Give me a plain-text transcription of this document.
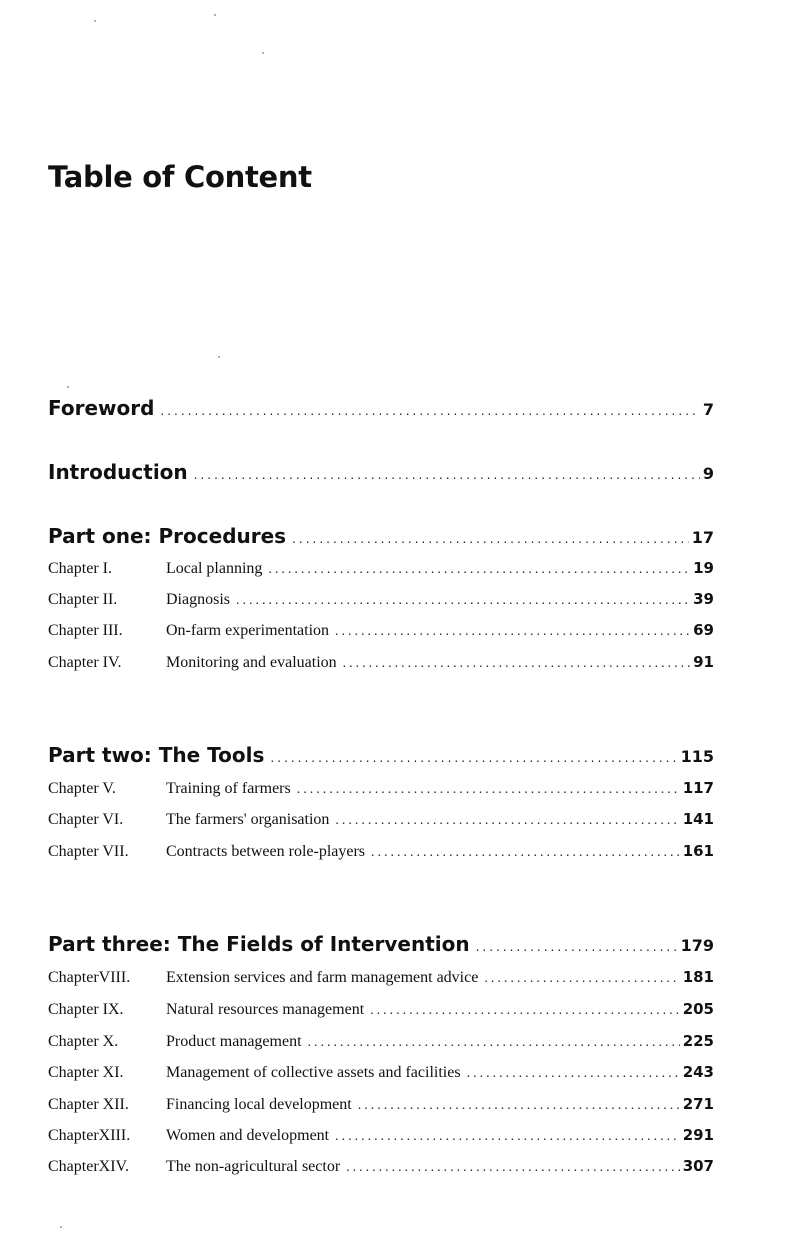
Table of Content
Foreword .....	7
Introduction .....	9
Part one: Procedures .....	17
Chapter I.	Local planning .....	19
Chapter II.	Diagnosis .....	39
Chapter III.	On-farm experimentation .....	69
Chapter IV.	Monitoring and evaluation .....	91
Part two: The Tools .....	115
Chapter V.	Training of farmers .....	117
Chapter VI.	The farmers' organisation .....	141
Chapter VII.	Contracts between role-players .....	161
Part three: The Fields of Intervention .....	179
ChapterVIII.	Extension services and farm management advice .....	181
Chapter IX.	Natural resources management .....	205
Chapter X.	Product management .....	225
Chapter XI.	Management of collective assets and facilities .....	243
Chapter XII.	Financing local development .....	271
ChapterXIII.	Women and development .....	291
ChapterXIV.	The non-agricultural sector .....	307
